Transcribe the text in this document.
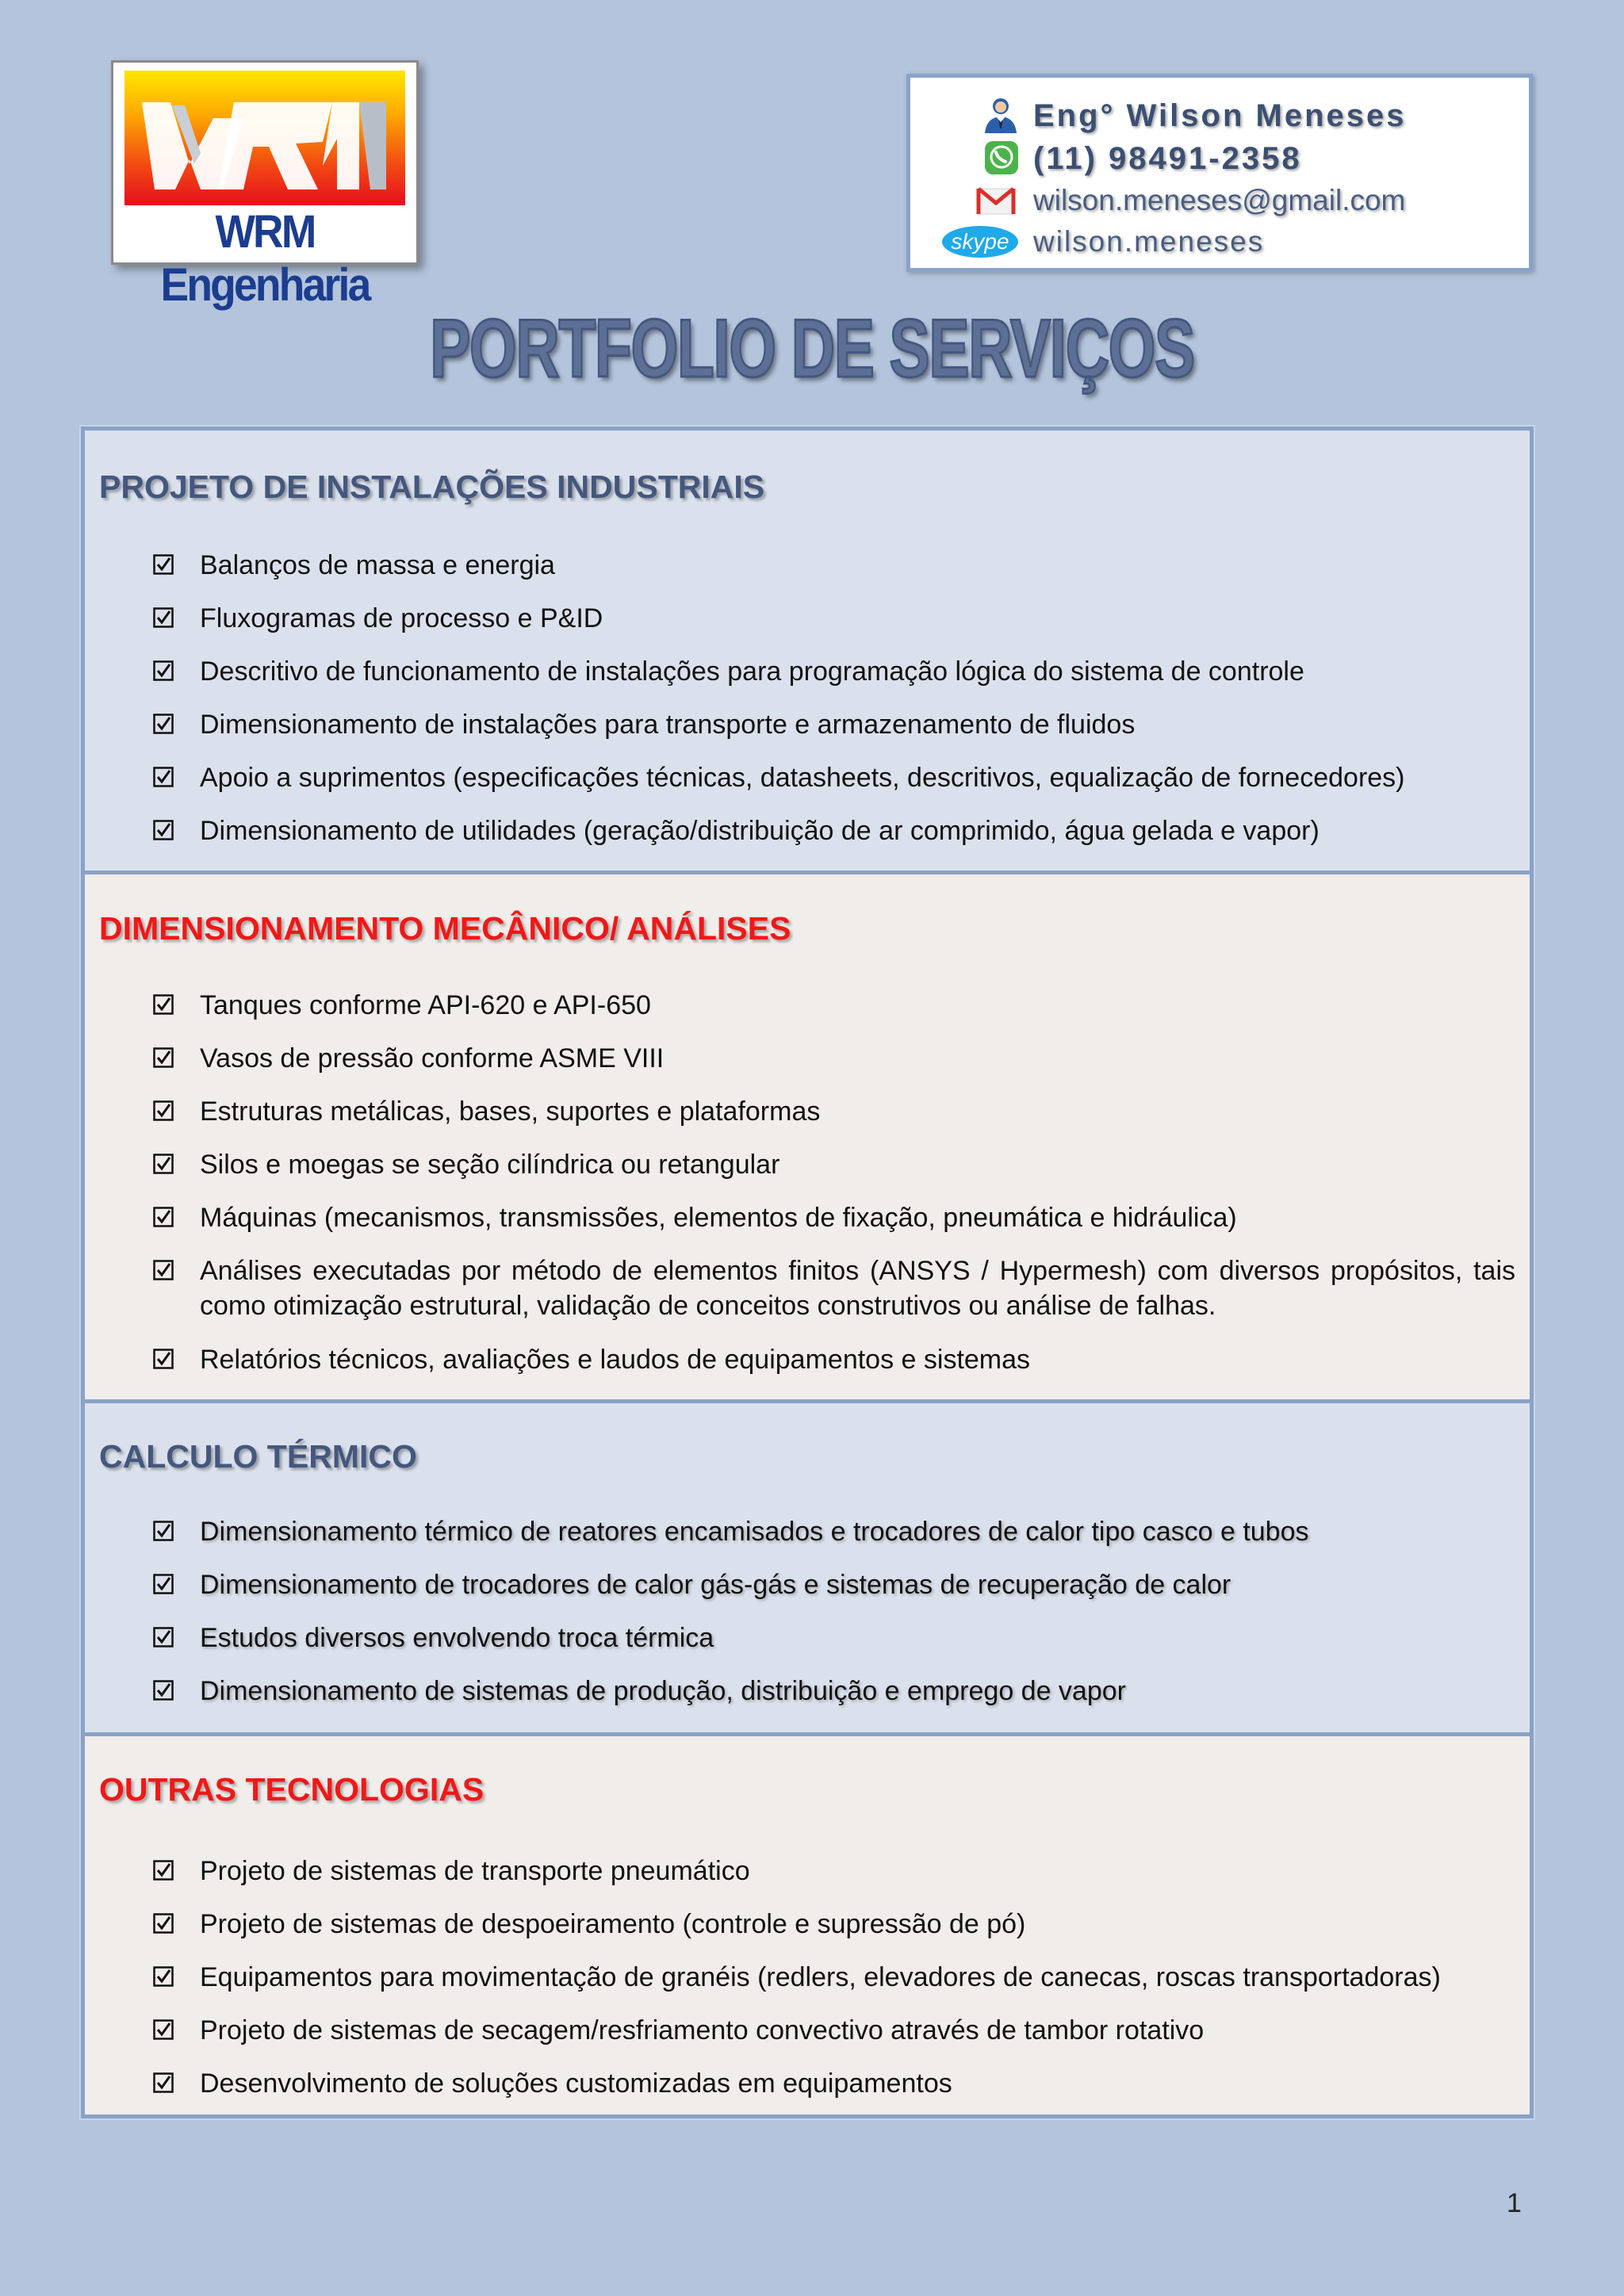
WRM Engenharia
Eng° Wilson Meneses
(11) 98491-2358
wilson.meneses@gmail.com
skype wilson.meneses
PORTFOLIO DE SERVIÇOS
PROJETO DE INSTALAÇÕES INDUSTRIAIS
Balanços de massa e energia
Fluxogramas de processo e P&ID
Descritivo de funcionamento de instalações para programação lógica do sistema de controle
Dimensionamento de instalações para transporte e armazenamento de fluidos
Apoio a suprimentos (especificações técnicas, datasheets, descritivos, equalização de fornecedores)
Dimensionamento de utilidades (geração/distribuição de ar comprimido, água gelada e vapor)
DIMENSIONAMENTO MECÂNICO/ ANÁLISES
Tanques conforme API-620 e API-650
Vasos de pressão conforme ASME VIII
Estruturas metálicas, bases, suportes e plataformas
Silos e moegas se seção cilíndrica ou retangular
Máquinas (mecanismos, transmissões, elementos de fixação, pneumática e hidráulica)
Análises executadas por método de elementos finitos (ANSYS / Hypermesh) com diversos propósitos, tais como otimização estrutural, validação de conceitos construtivos ou análise de falhas.
Relatórios técnicos, avaliações e laudos de equipamentos e sistemas
CALCULO TÉRMICO
Dimensionamento térmico de reatores encamisados e trocadores de calor tipo casco e tubos
Dimensionamento de trocadores de calor gás-gás e sistemas de recuperação de calor
Estudos diversos envolvendo troca térmica
Dimensionamento de sistemas de produção, distribuição e emprego de vapor
OUTRAS TECNOLOGIAS
Projeto de sistemas de transporte pneumático
Projeto de sistemas de despoeiramento (controle e supressão de pó)
Equipamentos para movimentação de granéis (redlers, elevadores de canecas, roscas transportadoras)
Projeto de sistemas de secagem/resfriamento convectivo através de tambor rotativo
Desenvolvimento de soluções customizadas em equipamentos
1
